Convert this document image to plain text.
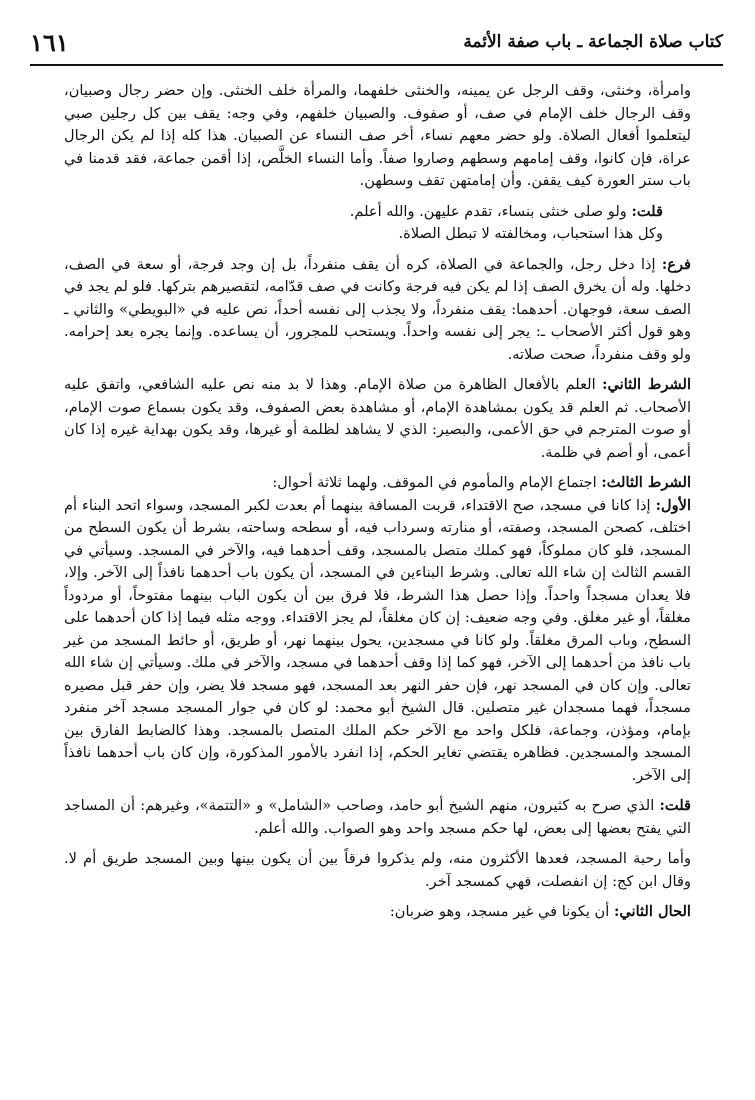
كتاب صلاة الجماعة ـ باب صفة الأئمة
١٦١

وامرأة، وخنثى، وقف الرجل عن يمينه، والخنثى خلفهما، والمرأة خلف الخنثى. وإن حضر رجال وصبيان، وقف الرجال خلف الإمام في صف، أو صفوف. والصبيان خلفهم، وفي وجه: يقف بين كل رجلين صبي ليتعلموا أفعال الصلاة. ولو حضر معهم نساء، أخر صف النساء عن الصبيان. هذا كله إذا لم يكن الرجال عراة، فإن كانوا، وقف إمامهم وسطهم وصاروا صفاً. وأما النساء الخلَّص، إذا أقمن جماعة، فقد قدمنا في باب ستر العورة كيف يقفن. وأن إمامتهن تقف وسطهن.

قلت: ولو صلى خنثى بنساء، تقدم عليهن. والله أعلم.

وكل هذا استحباب، ومخالفته لا تبطل الصلاة.

فرع: إذا دخل رجل، والجماعة في الصلاة، كره أن يقف منفرداً، بل إن وجد فرجة، أو سعة في الصف، دخلها. وله أن يخرق الصف إذا لم يكن فيه فرجة وكانت في صف قدّامه، لتقصيرهم بتركها. فلو لم يجد في الصف سعة، فوجهان. أحدهما: يقف منفرداً، ولا يجذب إلى نفسه أحداً، نص عليه في «البويطي» والثاني ـ وهو قول أكثر الأصحاب ـ: يجر إلى نفسه واحداً. ويستحب للمجرور، أن يساعده. وإنما يجره بعد إحرامه. ولو وقف منفرداً، صحت صلاته.

الشرط الثاني: العلم بالأفعال الظاهرة من صلاة الإمام. وهذا لا بد منه نص عليه الشافعي، واتفق عليه الأصحاب. ثم العلم قد يكون بمشاهدة الإمام، أو مشاهدة بعض الصفوف، وقد يكون بسماع صوت الإمام، أو صوت المترجم في حق الأعمى، والبصير: الذي لا يشاهد لظلمة أو غيرها، وقد يكون بهداية غيره إذا كان أعمى، أو أصم في ظلمة.

الشرط الثالث: اجتماع الإمام والمأموم في الموقف. ولهما ثلاثة أحوال:

الأول: إذا كانا في مسجد، صح الاقتداء، قربت المسافة بينهما أم بعدت لكبر المسجد، وسواء اتحد البناء أم اختلف، كصحن المسجد، وصفته، أو منارته وسرداب فيه، أو سطحه وساحته، بشرط أن يكون السطح من المسجد، فلو كان مملوكاً، فهو كملك متصل بالمسجد، وقف أحدهما فيه، والآخر في المسجد. وسيأتي في القسم الثالث إن شاء الله تعالى. وشرط البناءين في المسجد، أن يكون باب أحدهما نافذاً إلى الآخر. وإلا، فلا يعدان مسجداً واحداً. وإذا حصل هذا الشرط، فلا فرق بين أن يكون الباب بينهما مفتوحاً، أو مردوداً مغلقاً، أو غير مغلق. وفي وجه ضعيف: إن كان مغلقاً، لم يجز الاقتداء. ووجه مثله فيما إذا كان أحدهما على السطح، وباب المرق مغلقاً. ولو كانا في مسجدين، يحول بينهما نهر، أو طريق، أو حائط المسجد من غير باب نافذ من أحدهما إلى الآخر، فهو كما إذا وقف أحدهما في مسجد، والآخر في ملك. وسيأتي إن شاء الله تعالى. وإن كان في المسجد نهر، فإن حفر النهر بعد المسجد، فهو مسجد فلا يضر، وإن حفر قبل مصيره مسجداً، فهما مسجدان غير متصلين. قال الشيخ أبو محمد: لو كان في جوار المسجد مسجد آخر منفرد بإمام، ومؤذن، وجماعة، فلكل واحد مع الآخر حكم الملك المتصل بالمسجد. وهذا كالضابط الفارق بين المسجد والمسجدين. فظاهره يقتضي تغاير الحكم، إذا انفرد بالأمور المذكورة، وإن كان باب أحدهما نافذاً إلى الآخر.

قلت: الذي صرح به كثيرون، منهم الشيخ أبو حامد، وصاحب «الشامل» و «التتمة»، وغيرهم: أن المساجد التي يفتح بعضها إلى بعض، لها حكم مسجد واحد وهو الصواب. والله أعلم.

وأما رحبة المسجد، فعدها الأكثرون منه، ولم يذكروا فرقاً بين أن يكون بينها وبين المسجد طريق أم لا. وقال ابن كج: إن انفصلت، فهي كمسجد آخر.

الحال الثاني: أن يكونا في غير مسجد، وهو ضربان:
